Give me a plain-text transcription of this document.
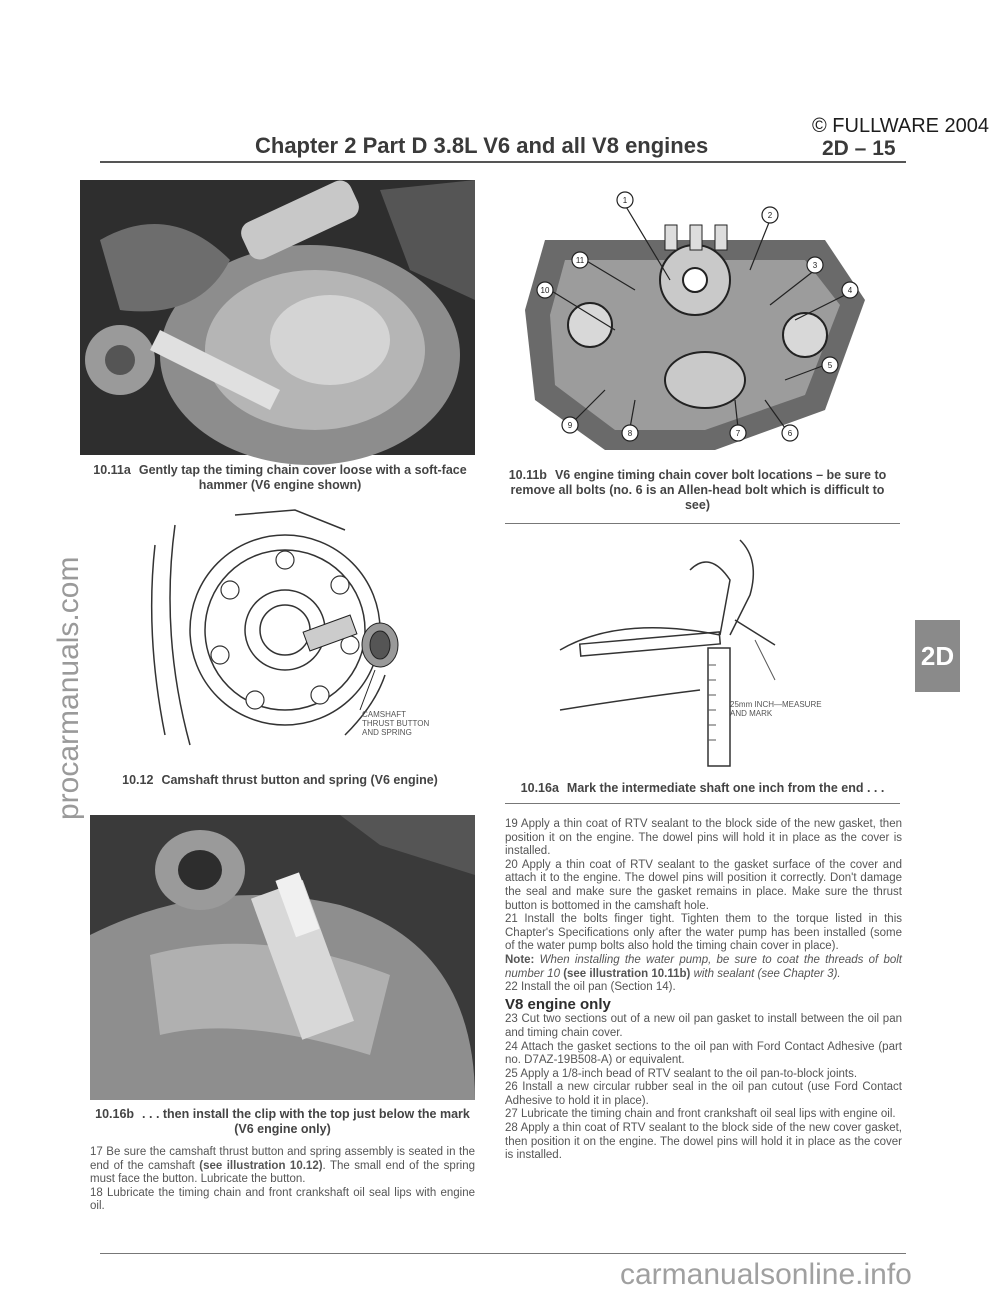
Chapter 2 Part D 3.8L V6 and all V8 engines
© FULLWARE 2004
2D – 15
2D
procarmanuals.com
carmanualsonline.info
10.11a Gently tap the timing chain cover loose with a soft-face hammer (V6 engine shown)
1
2
3
4
5
6
7
8
9
10
11
10.11b V6 engine timing chain cover bolt locations – be sure to remove all bolts (no. 6 is an Allen-head bolt which is difficult to see)
CAMSHAFT
THRUST BUTTON
AND SPRING
10.12 Camshaft thrust button and spring (V6 engine)
25mm INCH—MEASURE
AND MARK
10.16a Mark the intermediate shaft one inch from the end . . .
10.16b . . . then install the clip with the top just below the mark (V6 engine only)

17 Be sure the camshaft thrust button and spring assembly is seated in the end of the camshaft (see illustration 10.12). The small end of the spring must face the button. Lubricate the button.

18 Lubricate the timing chain and front crankshaft oil seal lips with engine oil.

19 Apply a thin coat of RTV sealant to the block side of the new gasket, then position it on the engine. The dowel pins will hold it in place as the cover is installed.

20 Apply a thin coat of RTV sealant to the gasket surface of the cover and attach it to the engine. The dowel pins will position it correctly. Don't damage the seal and make sure the gasket remains in place. Make sure the thrust button is bottomed in the camshaft hole.

21 Install the bolts finger tight. Tighten them to the torque listed in this Chapter's Specifications only after the water pump has been installed (some of the water pump bolts also hold the timing chain cover in place).

Note: When installing the water pump, be sure to coat the threads of bolt number 10 (see illustration 10.11b) with sealant (see Chapter 3).

22 Install the oil pan (Section 14).

V8 engine only

23 Cut two sections out of a new oil pan gasket to install between the oil pan and timing chain cover.

24 Attach the gasket sections to the oil pan with Ford Contact Adhesive (part no. D7AZ-19B508-A) or equivalent.

25 Apply a 1/8-inch bead of RTV sealant to the oil pan-to-block joints.

26 Install a new circular rubber seal in the oil pan cutout (use Ford Contact Adhesive to hold it in place).

27 Lubricate the timing chain and front crankshaft oil seal lips with engine oil.

28 Apply a thin coat of RTV sealant to the block side of the new cover gasket, then position it on the engine. The dowel pins will hold it in place as the cover is installed.
